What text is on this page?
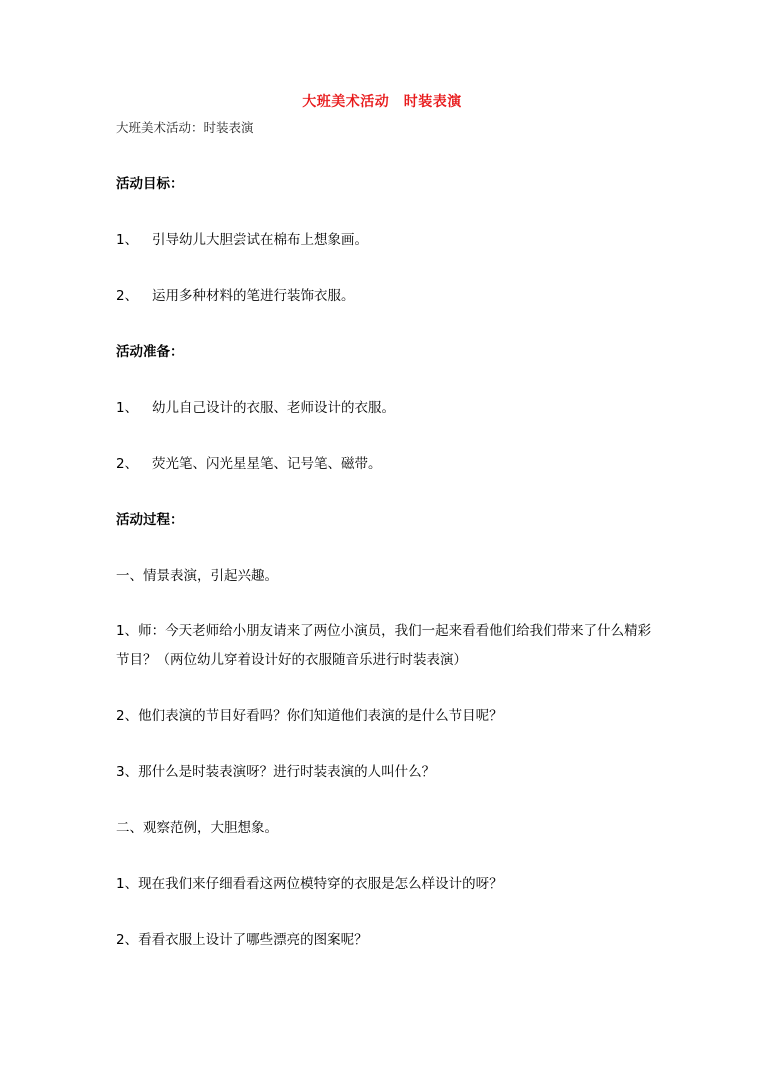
大班美术活动　时装表演
大班美术活动：时装表演
活动目标：
1、 引导幼儿大胆尝试在棉布上想象画。
2、 运用多种材料的笔进行装饰衣服。
活动准备：
1、 幼儿自己设计的衣服、老师设计的衣服。
2、 荧光笔、闪光星星笔、记号笔、磁带。
活动过程：
一、情景表演，引起兴趣。
1、师：今天老师给小朋友请来了两位小演员，我们一起来看看他们给我们带来了什么精彩节目？（两位幼儿穿着设计好的衣服随音乐进行时装表演）
2、他们表演的节目好看吗？你们知道他们表演的是什么节目呢？
3、那什么是时装表演呀？进行时装表演的人叫什么？
二、观察范例，大胆想象。
1、现在我们来仔细看看这两位模特穿的衣服是怎么样设计的呀？
2、看看衣服上设计了哪些漂亮的图案呢？
